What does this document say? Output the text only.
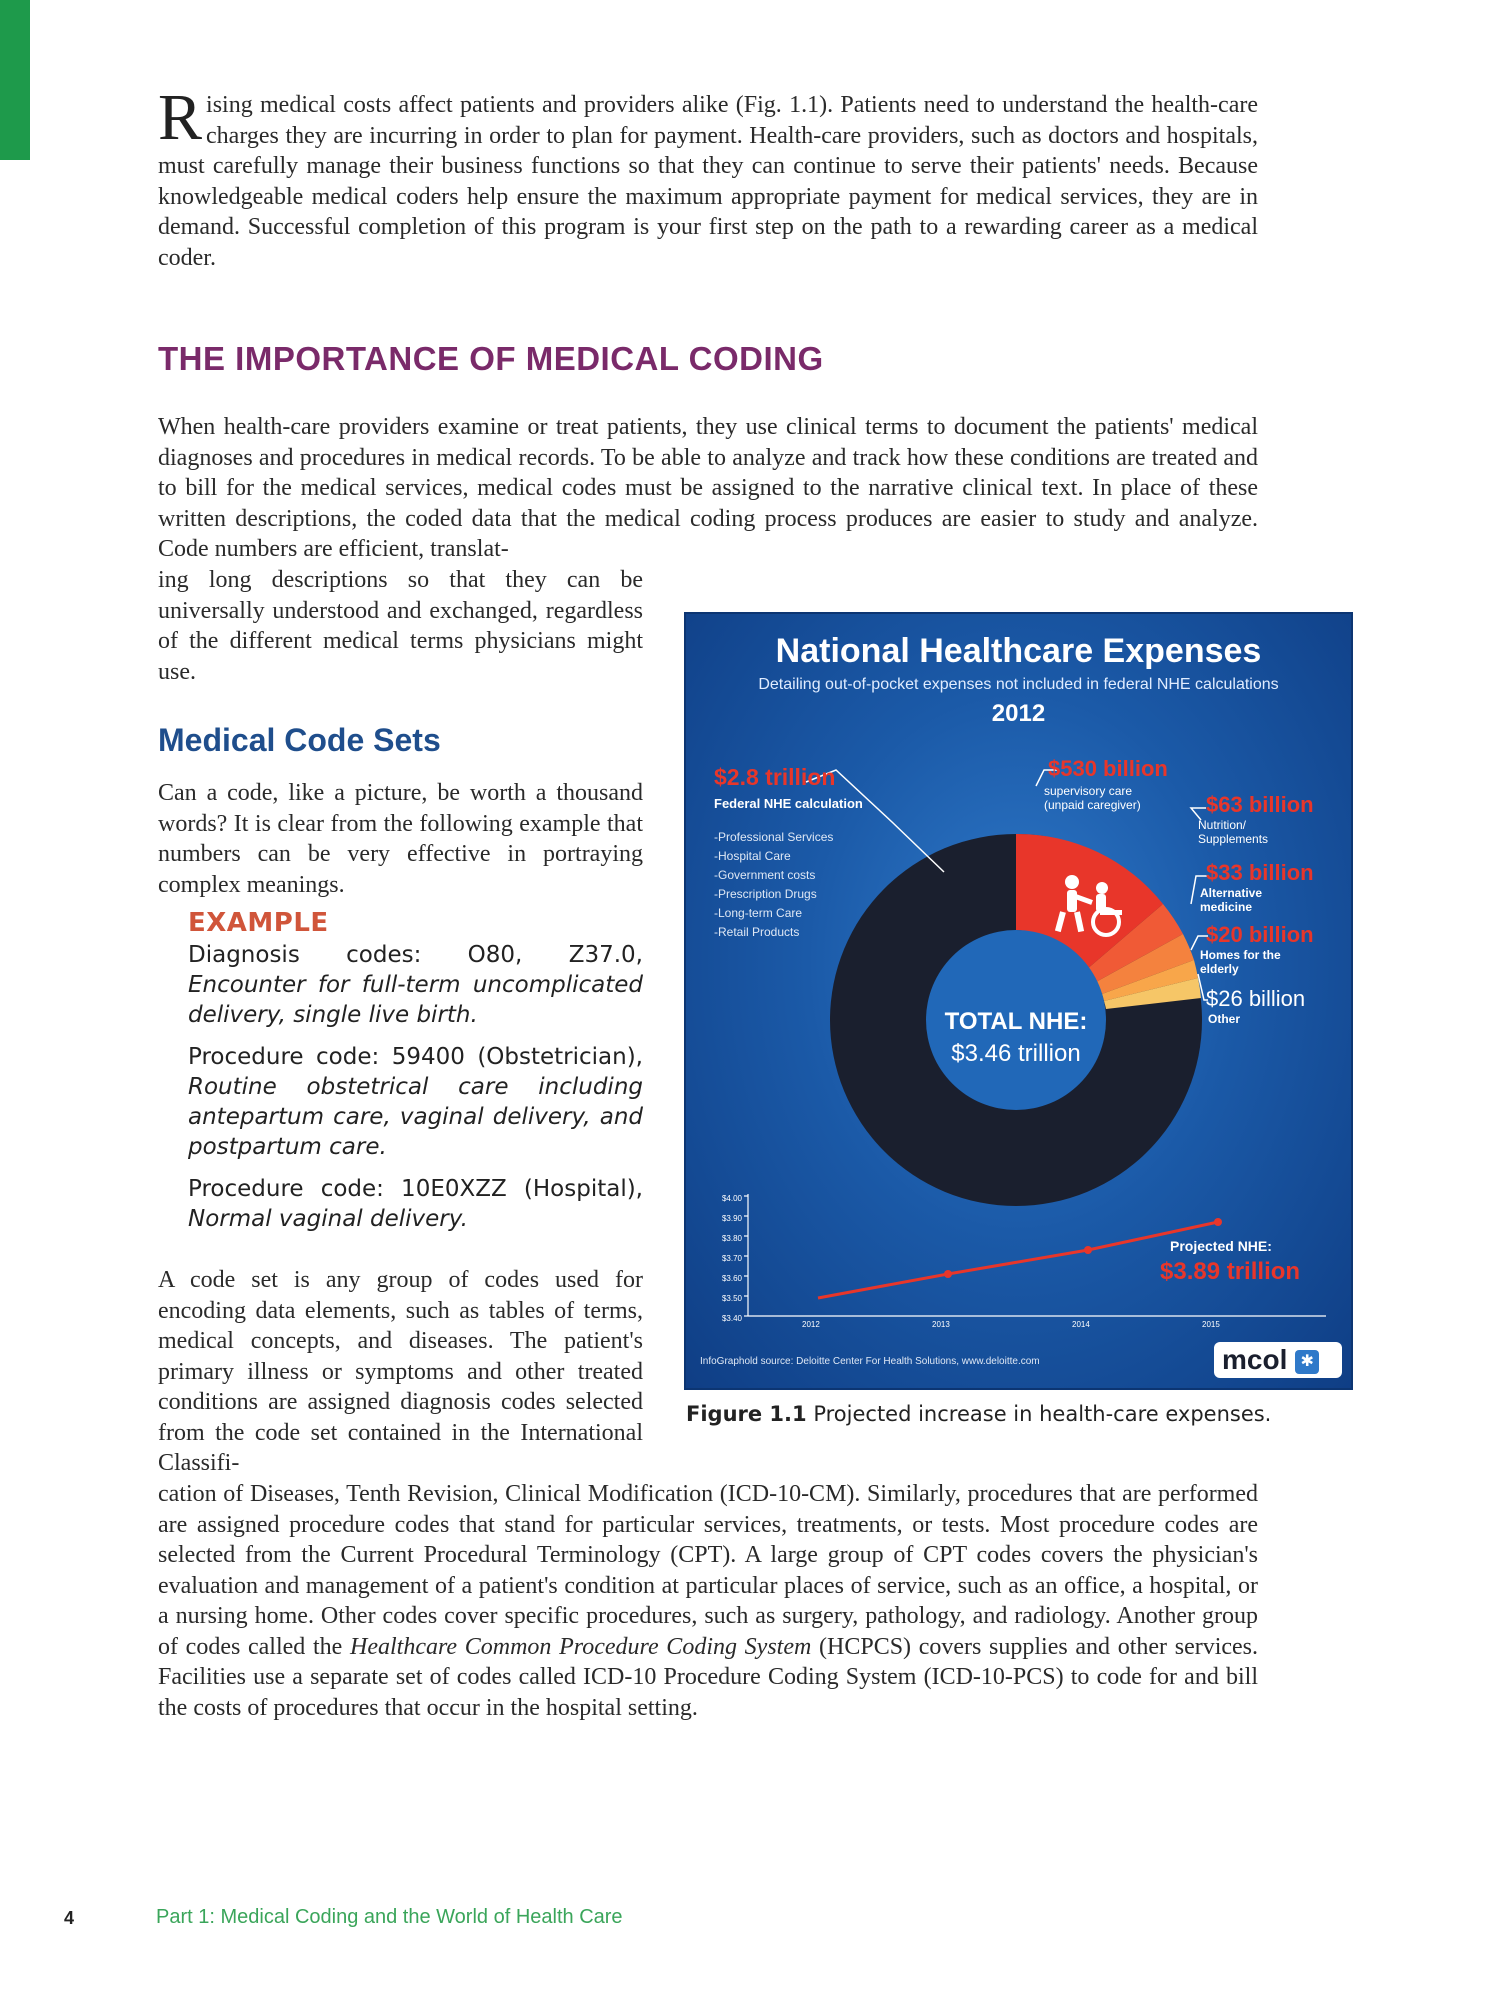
Rising medical costs affect patients and providers alike (Fig. 1.1). Patients need to understand the health-care charges they are incurring in order to plan for payment. Health-care providers, such as doctors and hospitals, must carefully manage their business functions so that they can continue to serve their patients' needs. Because knowledgeable medical coders help ensure the maximum appropriate payment for medical services, they are in demand. Successful completion of this program is your first step on the path to a rewarding career as a medical coder.

THE IMPORTANCE OF MEDICAL CODING

When health-care providers examine or treat patients, they use clinical terms to document the patients' medical diagnoses and procedures in medical records. To be able to analyze and track how these conditions are treated and to bill for the medical services, medical codes must be assigned to the narrative clinical text. In place of these written descriptions, the coded data that the medical coding process produces are easier to study and analyze. Code numbers are efficient, translat-

ing long descriptions so that they can be universally understood and exchanged, regardless of the different medical terms physicians might use.

Medical Code Sets

Can a code, like a picture, be worth a thousand words? It is clear from the following example that numbers can be very effective in portraying complex meanings.

EXAMPLE

Diagnosis codes: O80, Z37.0, Encounter for full-term uncomplicated delivery, single live birth.

Procedure code: 59400 (Obstetrician), Routine obstetrical care including antepartum care, vaginal delivery, and postpartum care.

Procedure code: 10E0XZZ (Hospital), Normal vaginal delivery.

A code set is any group of codes used for encoding data elements, such as tables of terms, medical concepts, and diseases. The patient's primary illness or symptoms and other treated conditions are assigned diagnosis codes selected from the code set contained in the International Classifi-

cation of Diseases, Tenth Revision, Clinical Modification (ICD-10-CM). Similarly, procedures that are performed are assigned procedure codes that stand for particular services, treatments, or tests. Most procedure codes are selected from the Current Procedural Terminology (CPT). A large group of CPT codes covers the physician's evaluation and management of a patient's condition at particular places of service, such as an office, a hospital, or a nursing home. Other codes cover specific procedures, such as surgery, pathology, and radiology. Another group of codes called the Healthcare Common Procedure Coding System (HCPCS) covers supplies and other services. Facilities use a separate set of codes called ICD-10 Procedure Coding System (ICD-10-PCS) to code for and bill the costs of procedures that occur in the hospital setting.

National Healthcare Expenses
Detailing out-of-pocket expenses not included in federal NHE calculations
2012
$2.8 trillion
Federal NHE calculation
-Professional Services
-Hospital Care
-Government costs
-Prescription Drugs
-Long-term Care
-Retail Products
$530 billion
supervisory care
(unpaid caregiver)	$63 billion
Nutrition/
Supplements
$33 billion
Alternative
medicine
$20 billion
Homes for the
elderly
$26 billion
Other
TOTAL NHE:
$3.46 trillion
$4.00
$3.90
$3.80
$3.70
$3.60
$3.50
$3.40
2012	2013	2014	2015
Projected NHE:
$3.89 trillion
InfoGraphold source: Deloitte Center For Health Solutions, www.deloitte.com	mcol ✱
Figure 1.1 Projected increase in health-care expenses.
4	Part 1: Medical Coding and the World of Health Care
